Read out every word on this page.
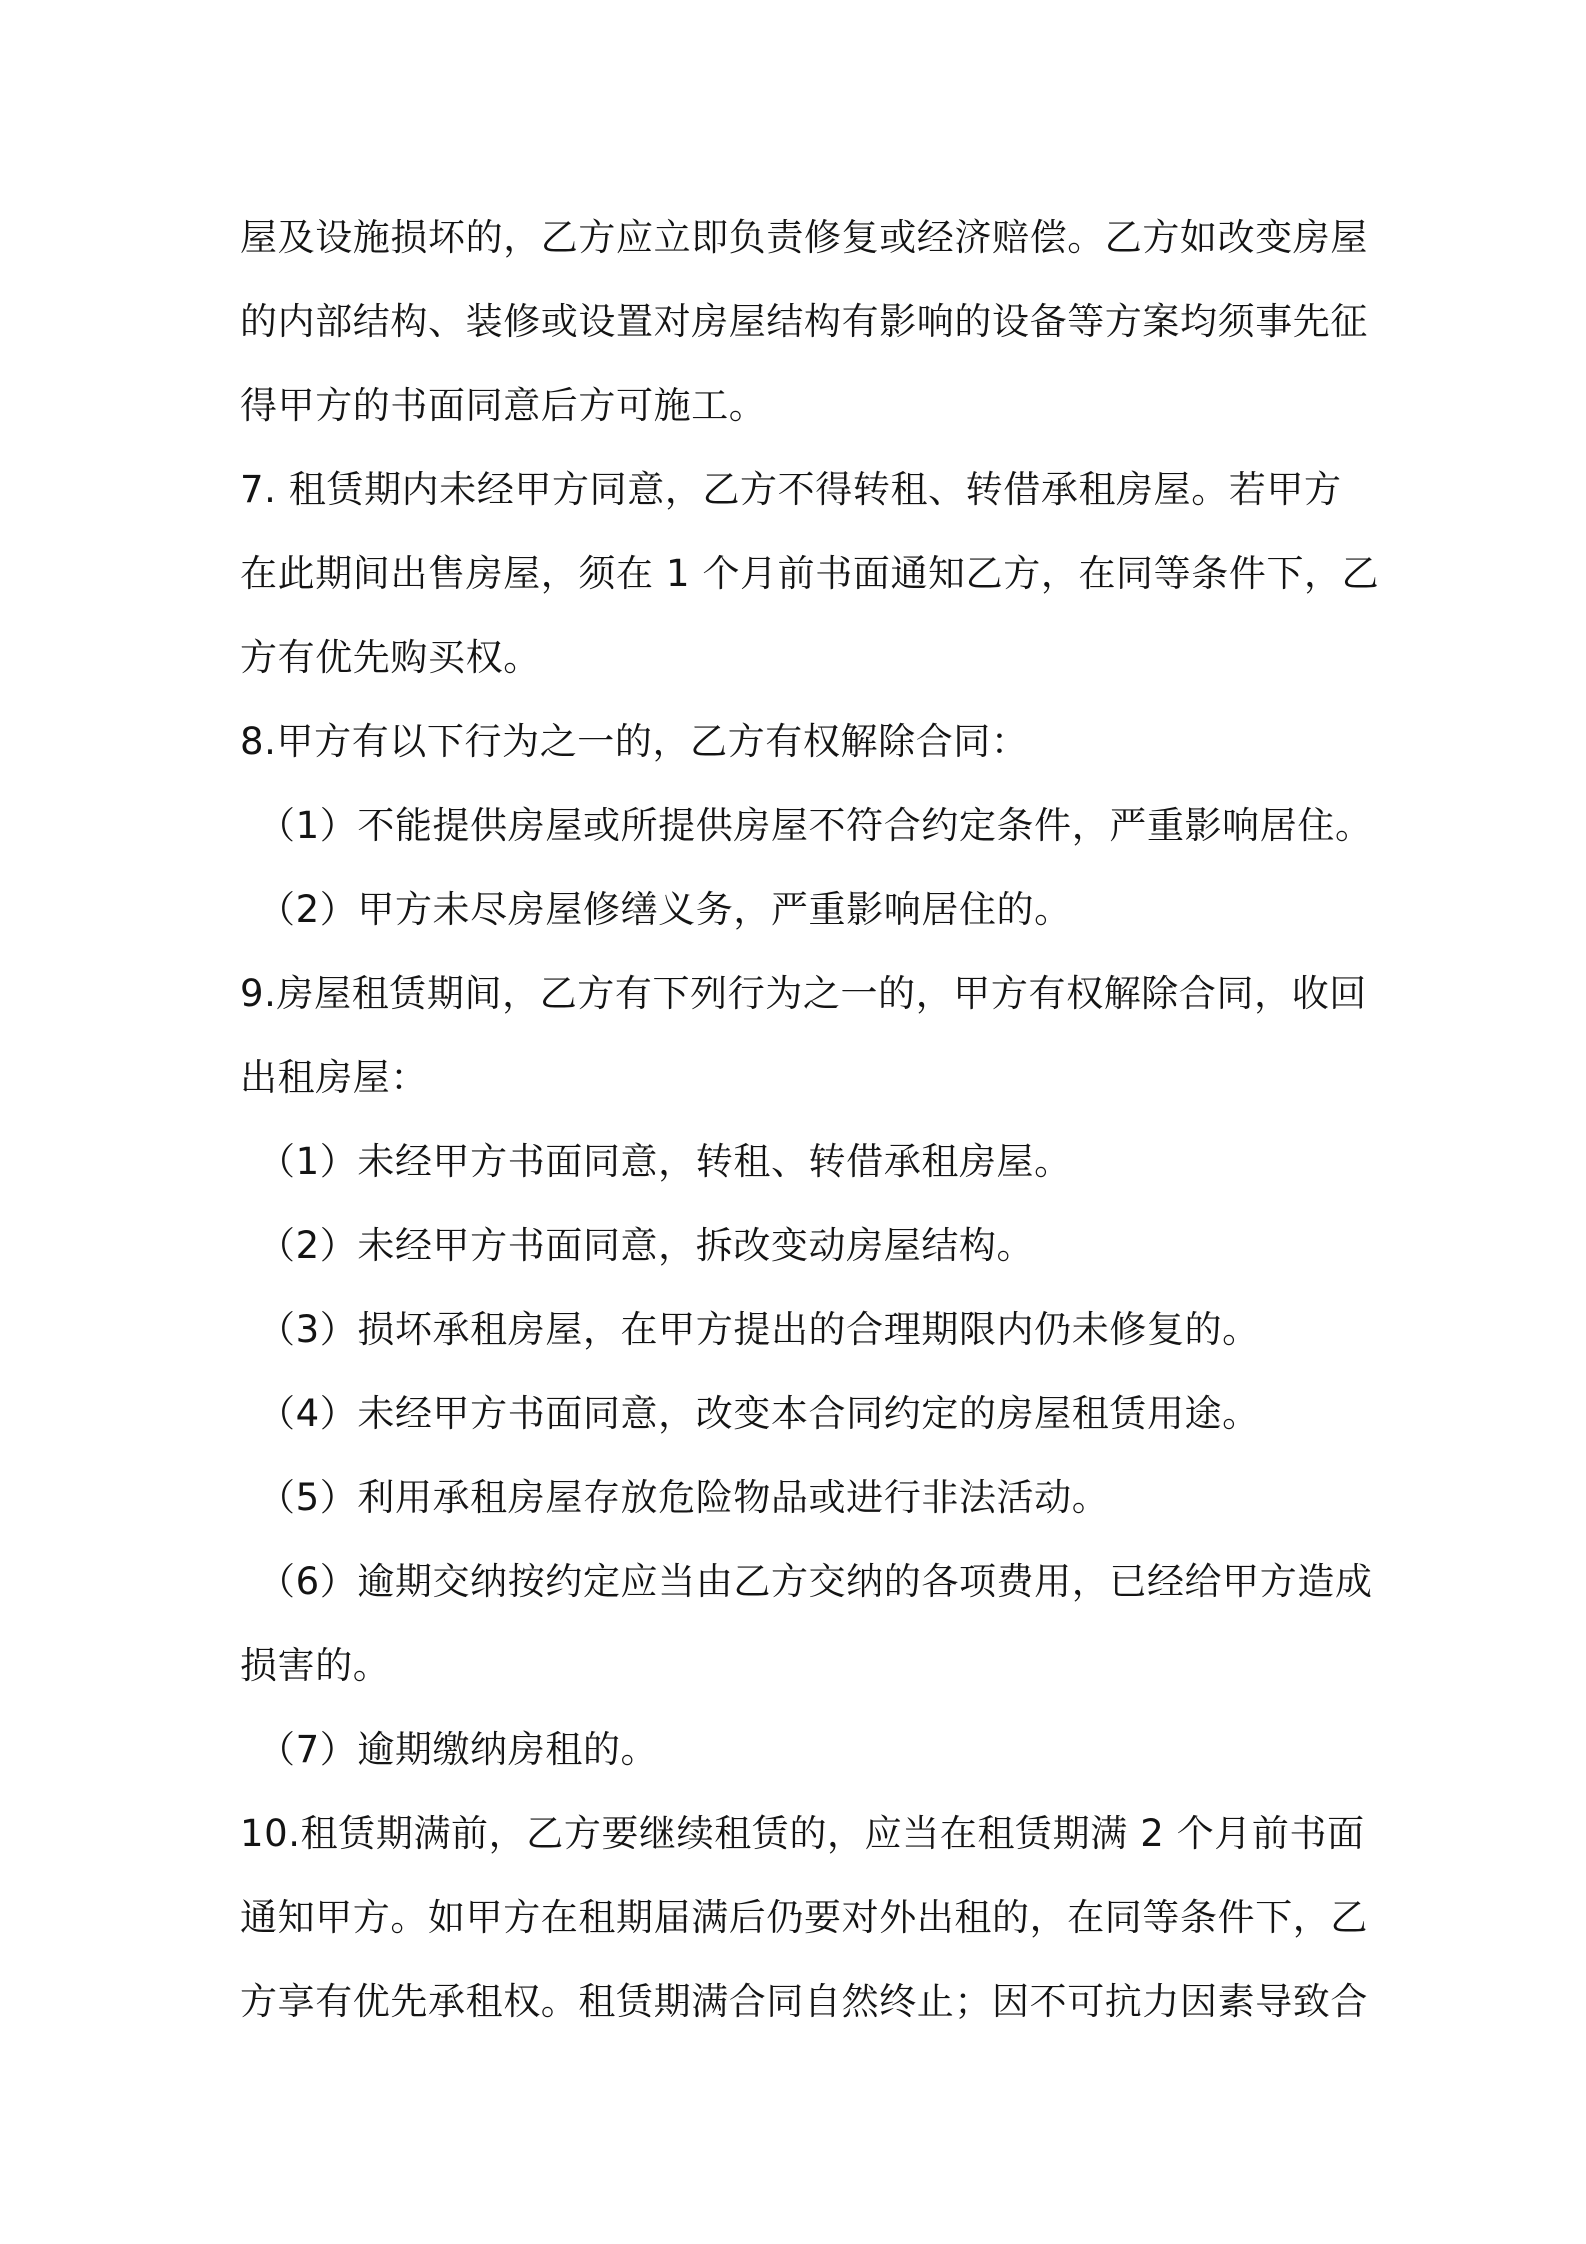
屋及设施损坏的，乙方应立即负责修复或经济赔偿。乙方如改变房屋
的内部结构、装修或设置对房屋结构有影响的设备等方案均须事先征
得甲方的书面同意后方可施工。
7. 租赁期内未经甲方同意，乙方不得转租、转借承租房屋。若甲方
在此期间出售房屋，须在 1 个月前书面通知乙方，在同等条件下，乙
方有优先购买权。
8.甲方有以下行为之一的，乙方有权解除合同：
（1）不能提供房屋或所提供房屋不符合约定条件，严重影响居住。
（2）甲方未尽房屋修缮义务，严重影响居住的。
9.房屋租赁期间，乙方有下列行为之一的，甲方有权解除合同，收回
出租房屋：
（1）未经甲方书面同意，转租、转借承租房屋。
（2）未经甲方书面同意，拆改变动房屋结构。
（3）损坏承租房屋，在甲方提出的合理期限内仍未修复的。
（4）未经甲方书面同意，改变本合同约定的房屋租赁用途。
（5）利用承租房屋存放危险物品或进行非法活动。
（6）逾期交纳按约定应当由乙方交纳的各项费用，已经给甲方造成
损害的。
（7）逾期缴纳房租的。
10.租赁期满前，乙方要继续租赁的，应当在租赁期满 2 个月前书面
通知甲方。如甲方在租期届满后仍要对外出租的，在同等条件下，乙
方享有优先承租权。租赁期满合同自然终止；因不可抗力因素导致合
